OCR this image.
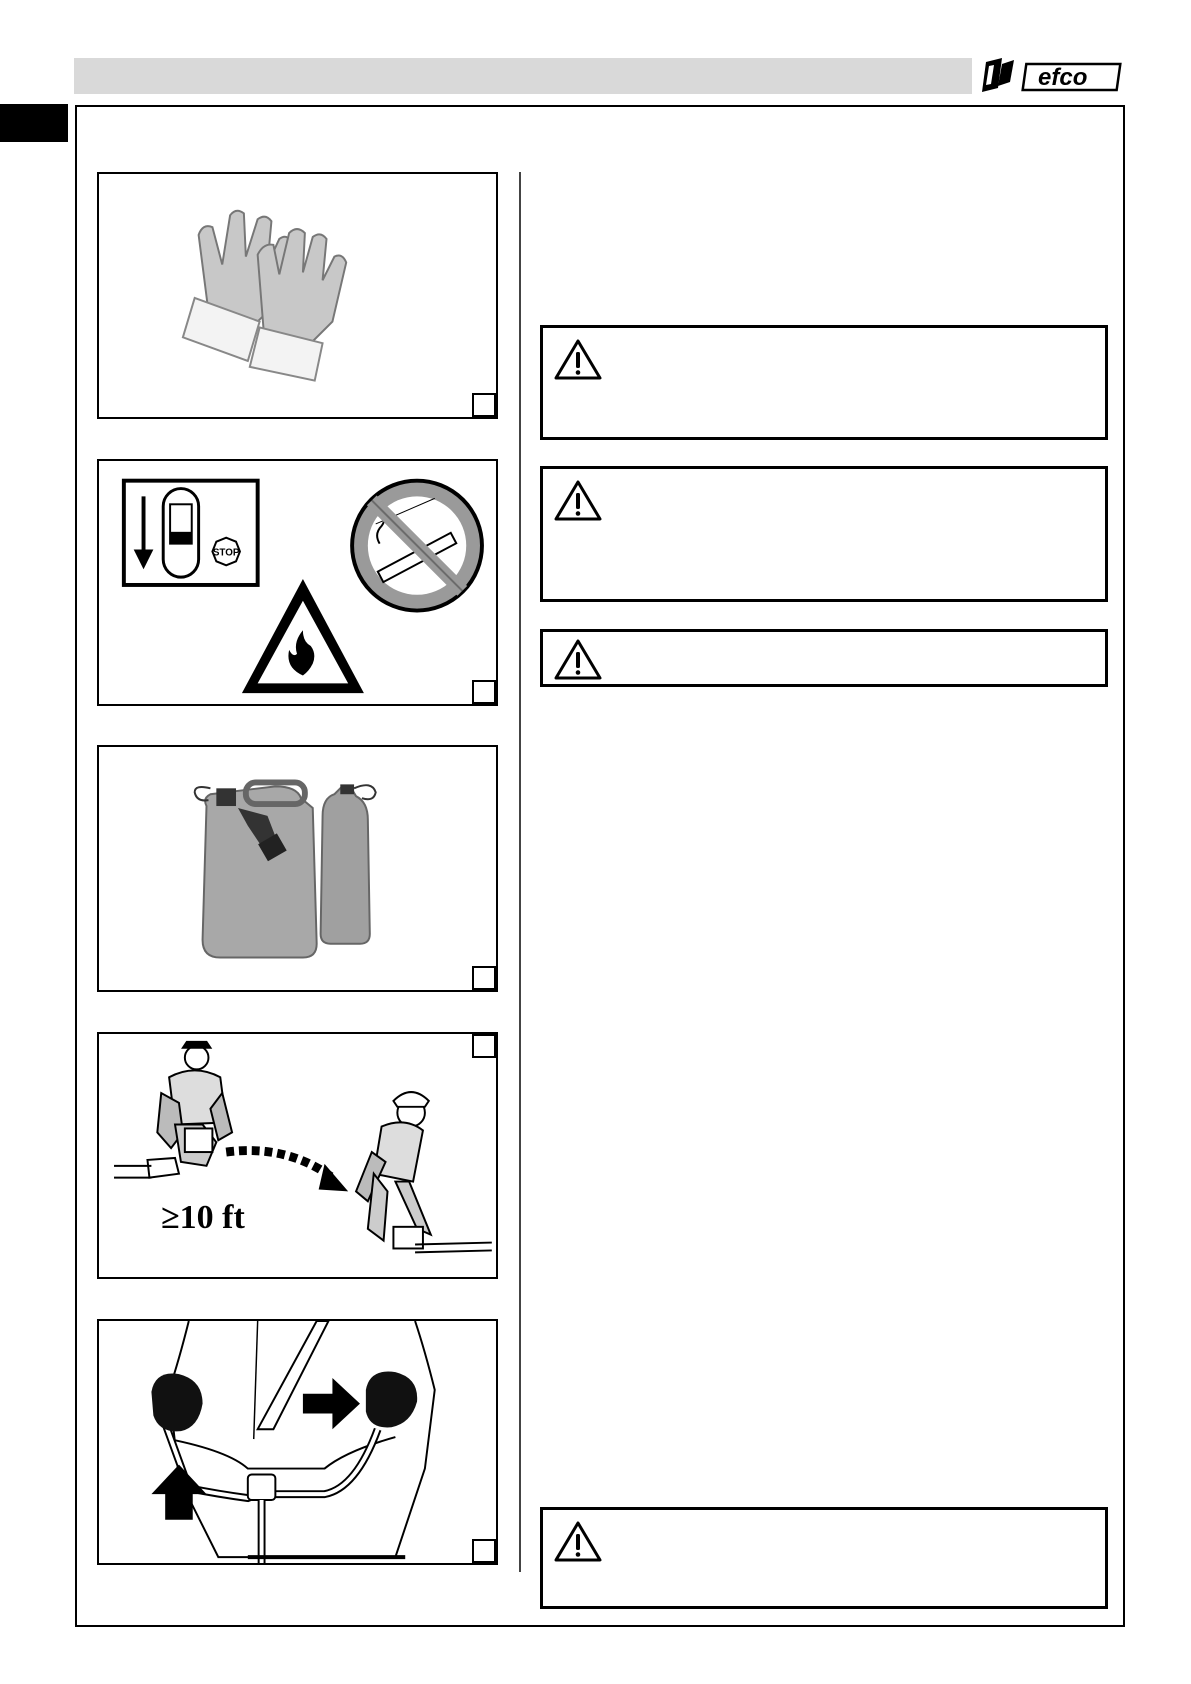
efco
STOP
≥10 ft
